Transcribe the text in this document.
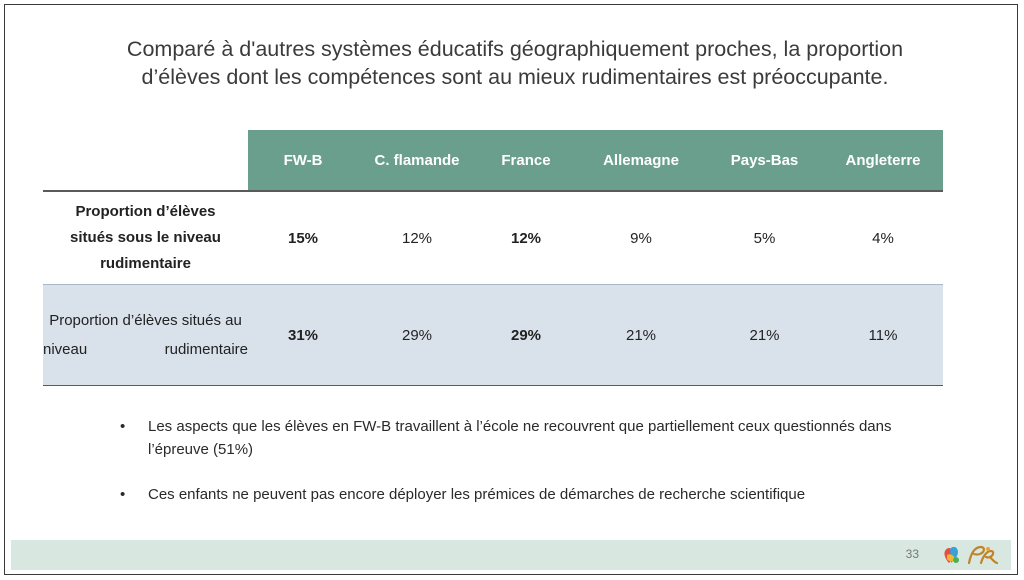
Comparé à d'autres systèmes éducatifs géographiquement proches, la proportion
d’élèves dont les compétences sont au mieux rudimentaires est préoccupante.
	FW-B	C. flamande	France	Allemagne	Pays-Bas	Angleterre

Proportion d’élèves
situés sous le niveau
rudimentaire	15%	12%	12%	9%	5%	4%
Proportion d’élèves situés au niveau rudimentaire	31%	29%	29%	21%	21%	11%
• Les aspects que les élèves en FW-B travaillent à l’école ne recouvrent que partiellement ceux questionnés dans l’épreuve (51%)
• Ces enfants ne peuvent pas encore déployer les prémices de démarches de recherche scientifique
33
